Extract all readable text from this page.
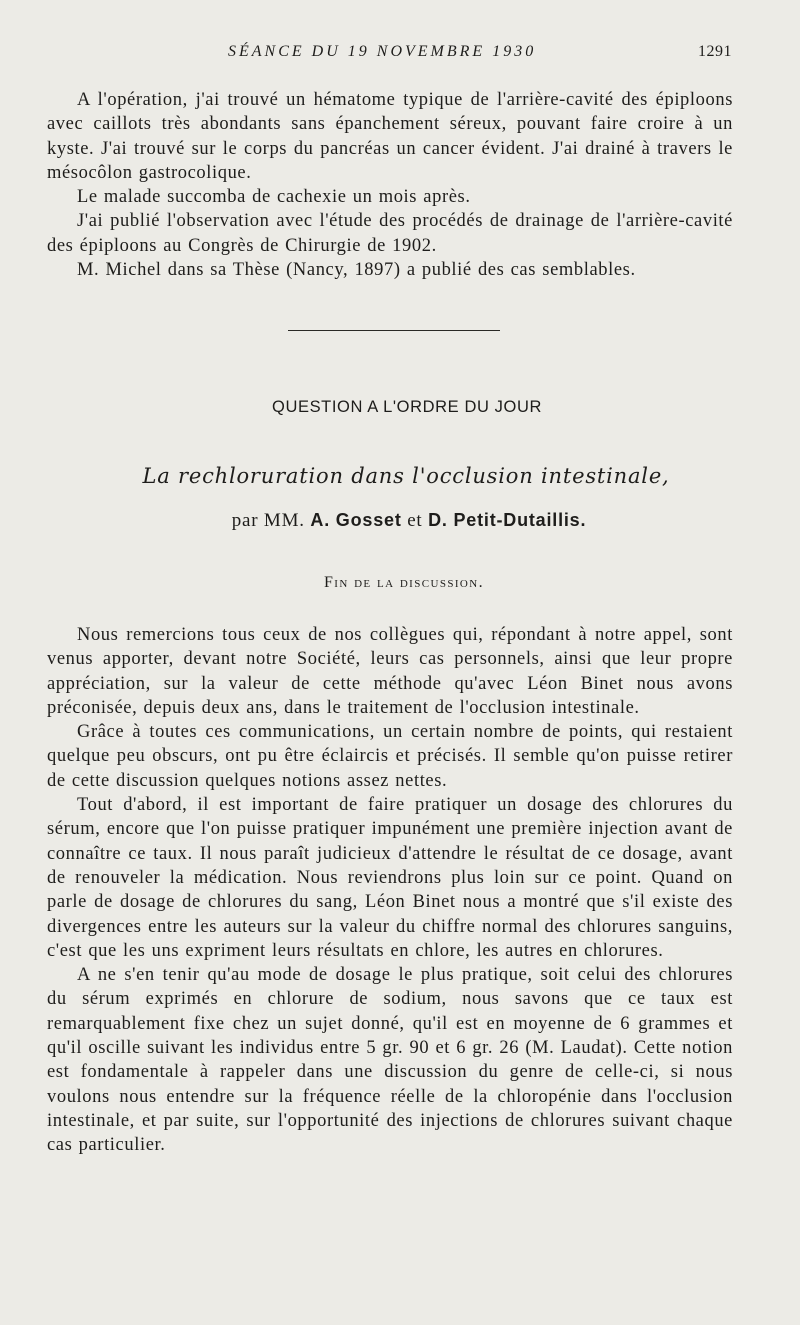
SÉANCE DU 19 NOVEMBRE 1930	1291

A l'opération, j'ai trouvé un hématome typique de l'arrière-cavité des épiploons avec caillots très abondants sans épanchement séreux, pouvant faire croire à un kyste. J'ai trouvé sur le corps du pancréas un cancer évident. J'ai drainé à travers le mésocôlon gastrocolique.

Le malade succomba de cachexie un mois après.

J'ai publié l'observation avec l'étude des procédés de drainage de l'arrière-cavité des épiploons au Congrès de Chirurgie de 1902.

M. Michel dans sa Thèse (Nancy, 1897) a publié des cas semblables.

QUESTION A L'ORDRE DU JOUR
La rechloruration dans l'occlusion intestinale,
par MM. A. Gosset et D. Petit-Dutaillis.
Fin de la discussion.

Nous remercions tous ceux de nos collègues qui, répondant à notre appel, sont venus apporter, devant notre Société, leurs cas personnels, ainsi que leur propre appréciation, sur la valeur de cette méthode qu'avec Léon Binet nous avons préconisée, depuis deux ans, dans le traitement de l'occlusion intestinale.

Grâce à toutes ces communications, un certain nombre de points, qui restaient quelque peu obscurs, ont pu être éclaircis et précisés. Il semble qu'on puisse retirer de cette discussion quelques notions assez nettes.

Tout d'abord, il est important de faire pratiquer un dosage des chlorures du sérum, encore que l'on puisse pratiquer impunément une première injection avant de connaître ce taux. Il nous paraît judicieux d'attendre le résultat de ce dosage, avant de renouveler la médication. Nous reviendrons plus loin sur ce point. Quand on parle de dosage de chlorures du sang, Léon Binet nous a montré que s'il existe des divergences entre les auteurs sur la valeur du chiffre normal des chlorures sanguins, c'est que les uns expriment leurs résultats en chlore, les autres en chlorures.

A ne s'en tenir qu'au mode de dosage le plus pratique, soit celui des chlorures du sérum exprimés en chlorure de sodium, nous savons que ce taux est remarquablement fixe chez un sujet donné, qu'il est en moyenne de 6 grammes et qu'il oscille suivant les individus entre 5 gr. 90 et 6 gr. 26 (M. Laudat). Cette notion est fondamentale à rappeler dans une discussion du genre de celle-ci, si nous voulons nous entendre sur la fréquence réelle de la chloropénie dans l'occlusion intestinale, et par suite, sur l'opportunité des injections de chlorures suivant chaque cas particulier.
